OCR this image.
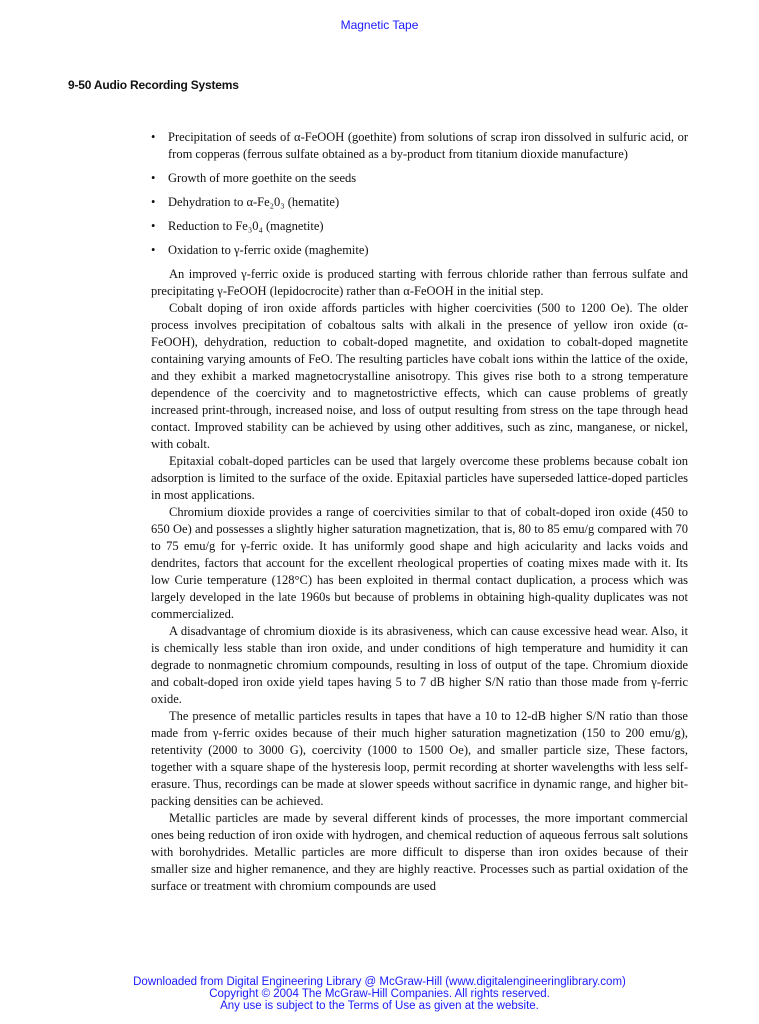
Magnetic Tape
9-50 Audio Recording Systems
• Precipitation of seeds of α-FeOOH (goethite) from solutions of scrap iron dissolved in sulfuric acid, or from copperas (ferrous sulfate obtained as a by-product from titanium dioxide manufacture)
• Growth of more goethite on the seeds
• Dehydration to α-Fe₂0₃ (hematite)
• Reduction to Fe₃0₄ (magnetite)
• Oxidation to γ-ferric oxide (maghemite)

An improved γ-ferric oxide is produced starting with ferrous chloride rather than ferrous sulfate and precipitating γ-FeOOH (lepidocrocite) rather than α-FeOOH in the initial step.

Cobalt doping of iron oxide affords particles with higher coercivities (500 to 1200 Oe). The older process involves precipitation of cobaltous salts with alkali in the presence of yellow iron oxide (α-FeOOH), dehydration, reduction to cobalt-doped magnetite, and oxidation to cobalt-doped magnetite containing varying amounts of FeO. The resulting particles have cobalt ions within the lattice of the oxide, and they exhibit a marked magnetocrystalline anisotropy. This gives rise both to a strong temperature dependence of the coercivity and to magnetostrictive effects, which can cause problems of greatly increased print-through, increased noise, and loss of output resulting from stress on the tape through head contact. Improved stability can be achieved by using other additives, such as zinc, manganese, or nickel, with cobalt.

Epitaxial cobalt-doped particles can be used that largely overcome these problems because cobalt ion adsorption is limited to the surface of the oxide. Epitaxial particles have superseded lattice-doped particles in most applications.

Chromium dioxide provides a range of coercivities similar to that of cobalt-doped iron oxide (450 to 650 Oe) and possesses a slightly higher saturation magnetization, that is, 80 to 85 emu/g compared with 70 to 75 emu/g for γ-ferric oxide. It has uniformly good shape and high acicularity and lacks voids and dendrites, factors that account for the excellent rheological properties of coating mixes made with it. Its low Curie temperature (128°C) has been exploited in thermal contact duplication, a process which was largely developed in the late 1960s but because of problems in obtaining high-quality duplicates was not commercialized.

A disadvantage of chromium dioxide is its abrasiveness, which can cause excessive head wear. Also, it is chemically less stable than iron oxide, and under conditions of high temperature and humidity it can degrade to nonmagnetic chromium compounds, resulting in loss of output of the tape. Chromium dioxide and cobalt-doped iron oxide yield tapes having 5 to 7 dB higher S/N ratio than those made from γ-ferric oxide.

The presence of metallic particles results in tapes that have a 10 to 12-dB higher S/N ratio than those made from γ-ferric oxides because of their much higher saturation magnetization (150 to 200 emu/g), retentivity (2000 to 3000 G), coercivity (1000 to 1500 Oe), and smaller particle size, These factors, together with a square shape of the hysteresis loop, permit recording at shorter wavelengths with less self-erasure. Thus, recordings can be made at slower speeds without sacrifice in dynamic range, and higher bit-packing densities can be achieved.

Metallic particles are made by several different kinds of processes, the more important commercial ones being reduction of iron oxide with hydrogen, and chemical reduction of aqueous ferrous salt solutions with borohydrides. Metallic particles are more difficult to disperse than iron oxides because of their smaller size and higher remanence, and they are highly reactive. Processes such as partial oxidation of the surface or treatment with chromium compounds are used

Downloaded from Digital Engineering Library @ McGraw-Hill (www.digitalengineeringlibrary.com)
Copyright © 2004 The McGraw-Hill Companies. All rights reserved.
Any use is subject to the Terms of Use as given at the website.
